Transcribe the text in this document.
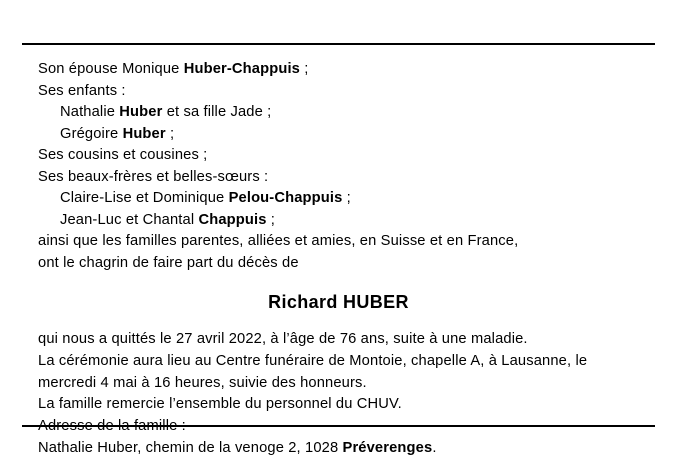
Son épouse Monique Huber-Chappuis ;
Ses enfants :
Nathalie Huber et sa fille Jade ;
Grégoire Huber ;
Ses cousins et cousines ;
Ses beaux-frères et belles-sœurs :
Claire-Lise et Dominique Pelou-Chappuis ;
Jean-Luc et Chantal Chappuis ;
ainsi que les familles parentes, alliées et amies, en Suisse et en France,
ont le chagrin de faire part du décès de
Richard HUBER
qui nous a quittés le 27 avril 2022, à l’âge de 76 ans, suite à une maladie.
La cérémonie aura lieu au Centre funéraire de Montoie, chapelle A, à Lausanne, le
mercredi 4 mai à 16 heures, suivie des honneurs.
La famille remercie l’ensemble du personnel du CHUV.
Adresse de la famille :
Nathalie Huber, chemin de la venoge 2, 1028 Préverenges.
